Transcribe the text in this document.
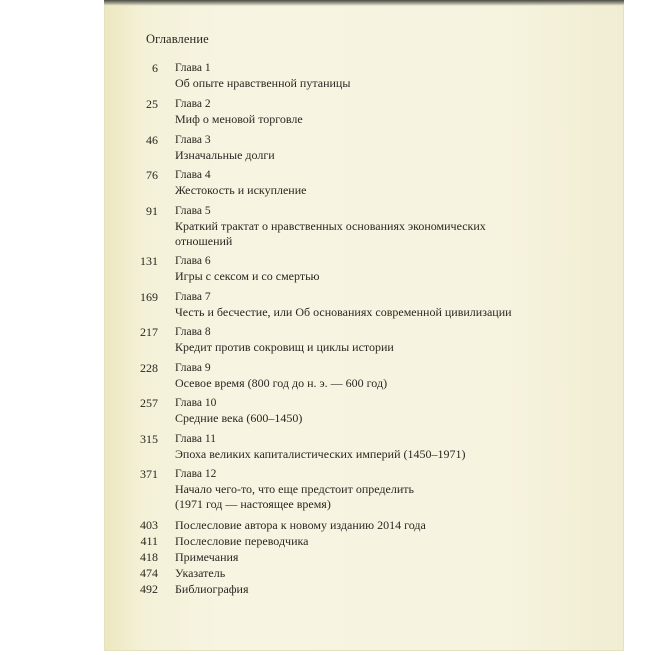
Оглавление
6 Глава 1
Об опыте нравственной путаницы
25 Глава 2
Миф о меновой торговле
46 Глава 3
Изначальные долги
76 Глава 4
Жестокость и искупление
91 Глава 5
Краткий трактат о нравственных основаниях экономических
отношений
131 Глава 6
Игры с сексом и со смертью
169 Глава 7
Честь и бесчестие, или Об основаниях современной цивилизации
217 Глава 8
Кредит против сокровищ и циклы истории
228 Глава 9
Осевое время (800 год до н. э. — 600 год)
257 Глава 10
Средние века (600–1450)
315 Глава 11
Эпоха великих капиталистических империй (1450–1971)
371 Глава 12
Начало чего-то, что еще предстоит определить
(1971 год — настоящее время)
403 Послесловие автора к новому изданию 2014 года
411 Послесловие переводчика
418 Примечания
474 Указатель
492 Библиография
